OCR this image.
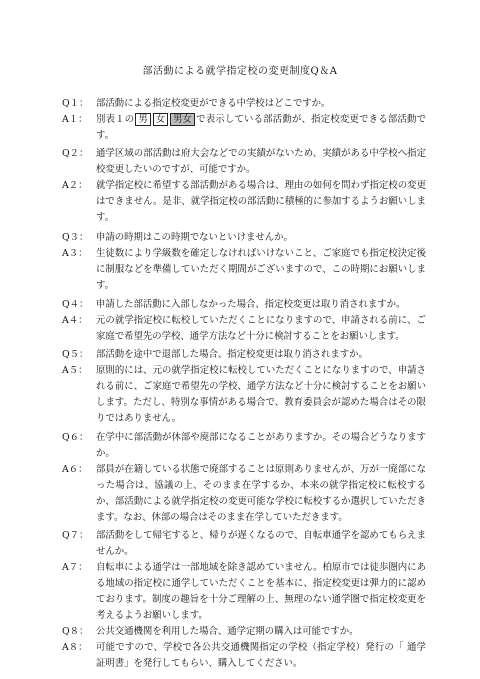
部活動による就学指定校の変更制度Q＆A
Q１： 部活動による指定校変更ができる中学校はどこですか。
A１： 別表１の 男 女 男女 で表示している部活動が、指定校変更できる部活動です。
Q２： 通学区域の部活動は府大会などでの実績がないため、実績がある中学校へ指定校変更したいのですが、可能ですか。
A２： 就学指定校に希望する部活動がある場合は、理由の如何を問わず指定校の変更はできません。是非、就学指定校の部活動に積極的に参加するようお願いします。
Q３： 申請の時期はこの時期でないといけませんか。
A３： 生徒数により学級数を確定しなければいけないこと、ご家庭でも指定校決定後に制服などを準備していただく期間がございますので、この時期にお願いします。
Q４： 申請した部活動に入部しなかった場合、指定校変更は取り消されますか。
A４： 元の就学指定校に転校していただくことになりますので、申請される前に、ご家庭で希望先の学校、通学方法など十分に検討することをお願いします。
Q５： 部活動を途中で退部した場合、指定校変更は取り消されますか。
A５： 原則的には、元の就学指定校に転校していただくことになりますので、申請される前に、ご家庭で希望先の学校、通学方法など十分に検討することをお願いします。ただし、特別な事情がある場合で、教育委員会が認めた場合はその限りではありません。
Q６： 在学中に部活動が休部や廃部になることがありますか。その場合どうなりますか。
A６： 部員が在籍している状態で廃部することは原則ありませんが、万が一廃部になった場合は、協議の上、そのまま在学するか、本来の就学指定校に転校するか、部活動による就学指定校の変更可能な学校に転校するか選択していただきます。なお、休部の場合はそのまま在学していただきます。
Q７： 部活動をして帰宅すると、帰りが遅くなるので、自転車通学を認めてもらえませんか。
A７： 自転車による通学は一部地域を除き認めていません。柏原市では徒歩圏内にある地域の指定校に通学していただくことを基本に、指定校変更は弾力的に認めております。制度の趣旨を十分ご理解の上、無理のない通学圏で指定校変更を考えるようお願いします。
Q８： 公共交通機関を利用した場合、通学定期の購入は可能ですか。
A８： 可能ですので、学校で各公共交通機関指定の学校（指定学校）発行の「 通学証明書」を発行してもらい、購入してください。
